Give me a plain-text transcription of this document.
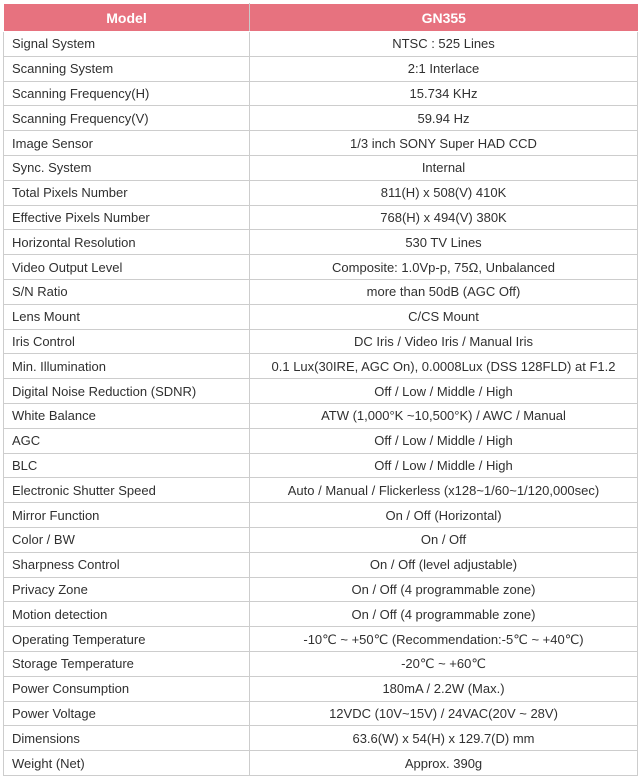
Model	GN355
Signal System	NTSC : 525 Lines
Scanning System	2:1 Interlace
Scanning Frequency(H)	15.734 KHz
Scanning Frequency(V)	59.94 Hz
Image Sensor	1/3 inch SONY Super HAD CCD
Sync. System	Internal
Total Pixels Number	811(H) x 508(V) 410K
Effective Pixels Number	768(H) x 494(V) 380K
Horizontal Resolution	530 TV Lines
Video Output Level	Composite: 1.0Vp-p, 75Ω, Unbalanced
S/N Ratio	more than 50dB (AGC Off)
Lens Mount	C/CS Mount
Iris Control	DC Iris / Video Iris / Manual Iris
Min. Illumination	0.1 Lux(30IRE, AGC On), 0.0008Lux (DSS 128FLD) at F1.2
Digital Noise Reduction (SDNR)	Off / Low / Middle / High
White Balance	ATW (1,000°K ~10,500°K) / AWC / Manual
AGC	Off / Low / Middle / High
BLC	Off / Low / Middle / High
Electronic Shutter Speed	Auto / Manual / Flickerless (x128~1/60~1/120,000sec)
Mirror Function	On / Off (Horizontal)
Color / BW	On / Off
Sharpness Control	On / Off (level adjustable)
Privacy Zone	On / Off (4 programmable zone)
Motion detection	On / Off (4 programmable zone)
Operating Temperature	-10℃ ~ +50℃ (Recommendation:-5℃ ~ +40℃)
Storage Temperature	-20℃ ~ +60℃
Power Consumption	180mA / 2.2W (Max.)
Power Voltage	12VDC (10V~15V) / 24VAC(20V ~ 28V)
Dimensions	63.6(W) x 54(H) x 129.7(D) mm
Weight (Net)	Approx. 390g
